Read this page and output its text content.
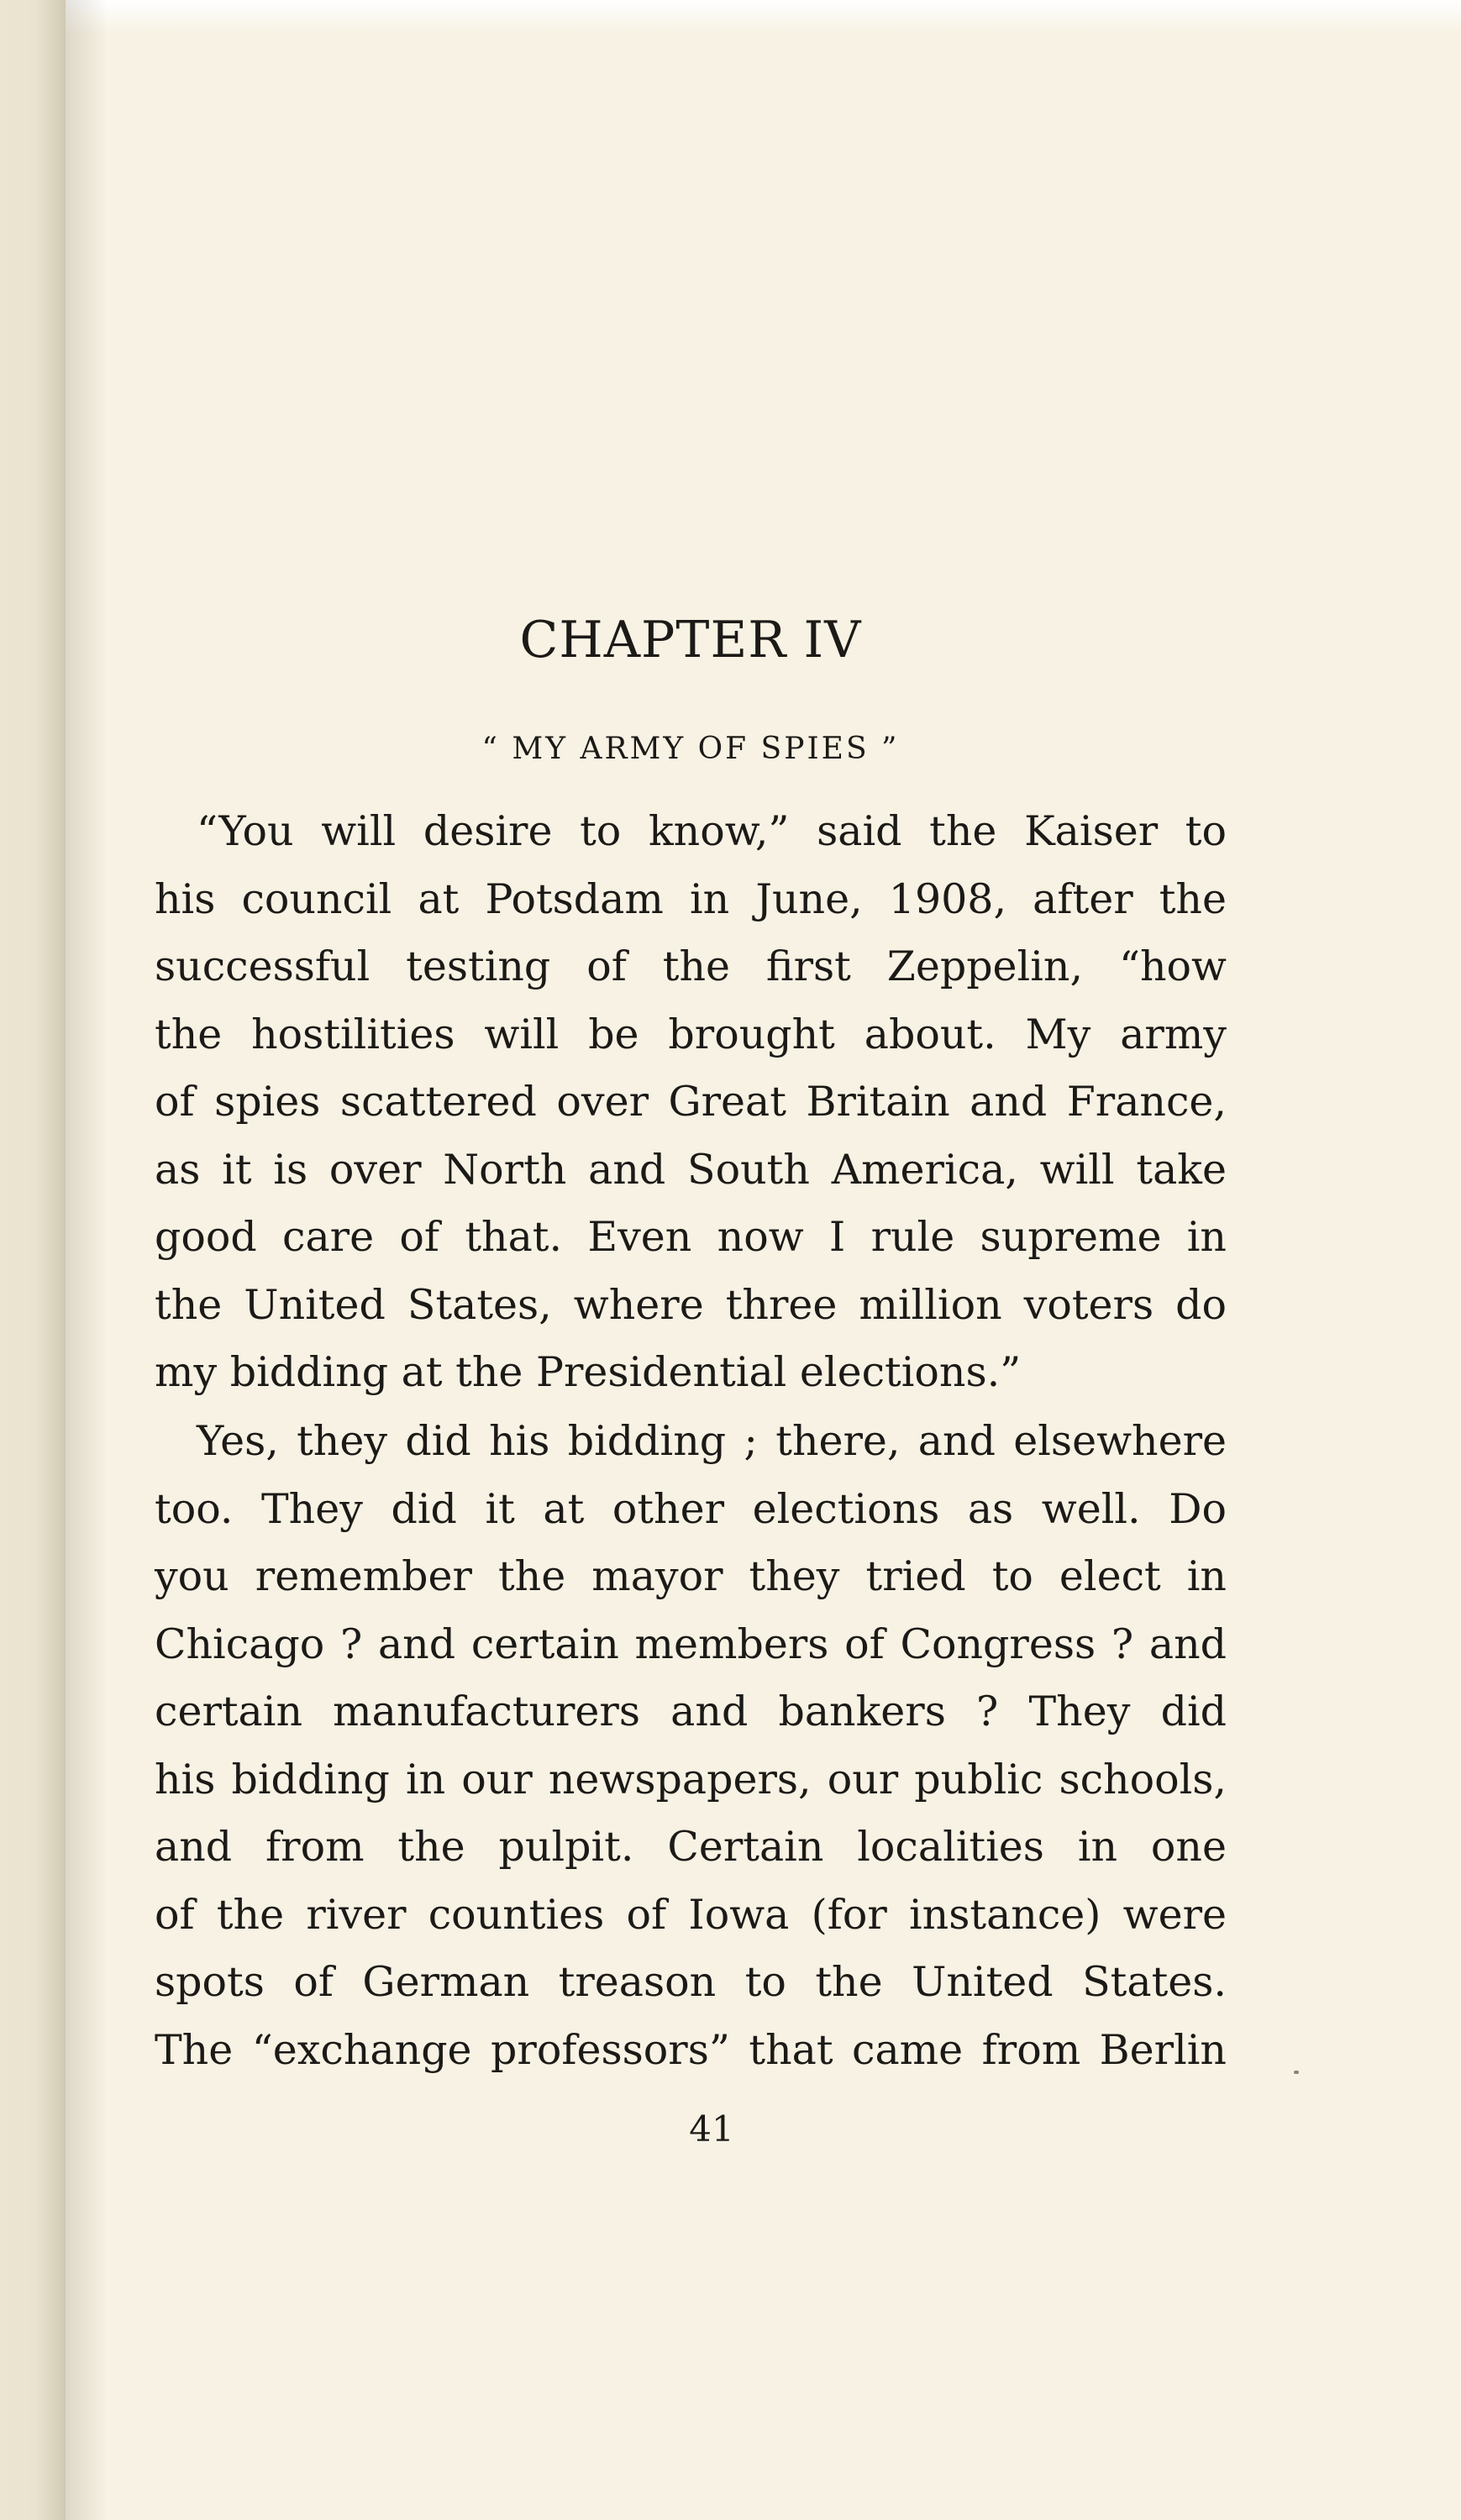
CHAPTER IV
“ MY ARMY OF SPIES ”
“You will desire to know,” said the Kaiser to
his council at Potsdam in June, 1908, after the
successful testing of the first Zeppelin, “how
the hostilities will be brought about. My army
of spies scattered over Great Britain and France,
as it is over North and South America, will take
good care of that. Even now I rule supreme in
the United States, where three million voters do
my bidding at the Presidential elections.”
Yes, they did his bidding ; there, and elsewhere
too. They did it at other elections as well. Do
you remember the mayor they tried to elect in
Chicago ? and certain members of Congress ? and
certain manufacturers and bankers ? They did
his bidding in our newspapers, our public schools,
and from the pulpit. Certain localities in one
of the river counties of Iowa (for instance) were
spots of German treason to the United States.
The “exchange professors” that came from Berlin
41
